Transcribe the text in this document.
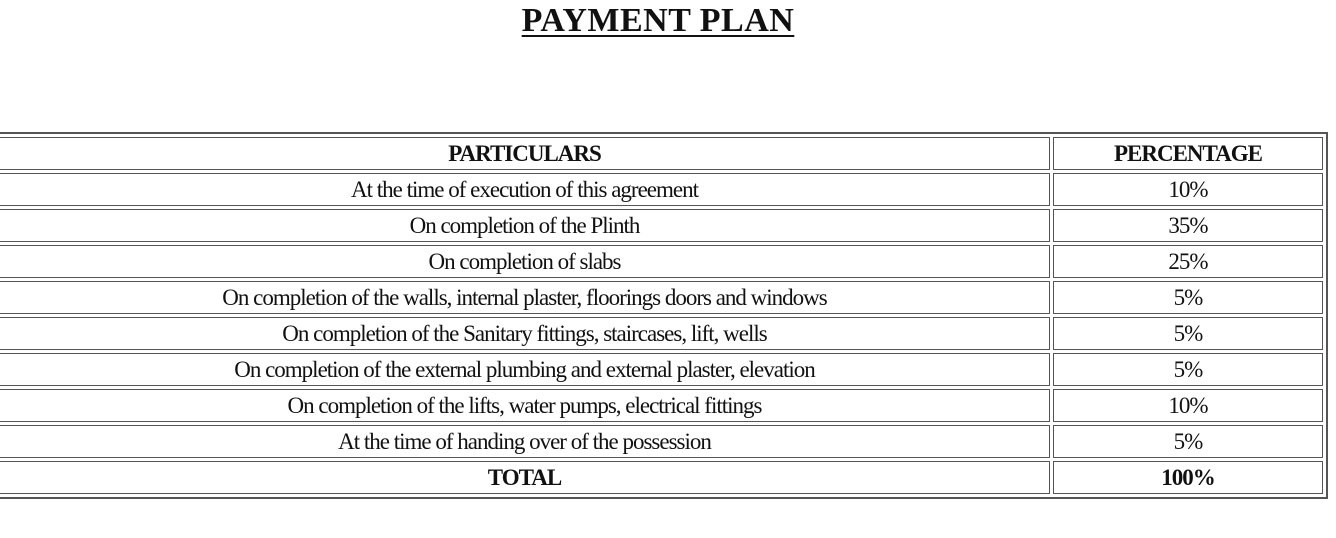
PAYMENT PLAN
PARTICULARS	PERCENTAGE
At the time of execution of this agreement	10%
On completion of the Plinth	35%
On completion of slabs	25%
On completion of the walls, internal plaster, floorings doors and windows	5%
On completion of the Sanitary fittings, staircases, lift, wells	5%
On completion of the external plumbing and external plaster, elevation	5%
On completion of the lifts, water pumps, electrical fittings	10%
At the time of handing over of the possession	5%
TOTAL	100%
